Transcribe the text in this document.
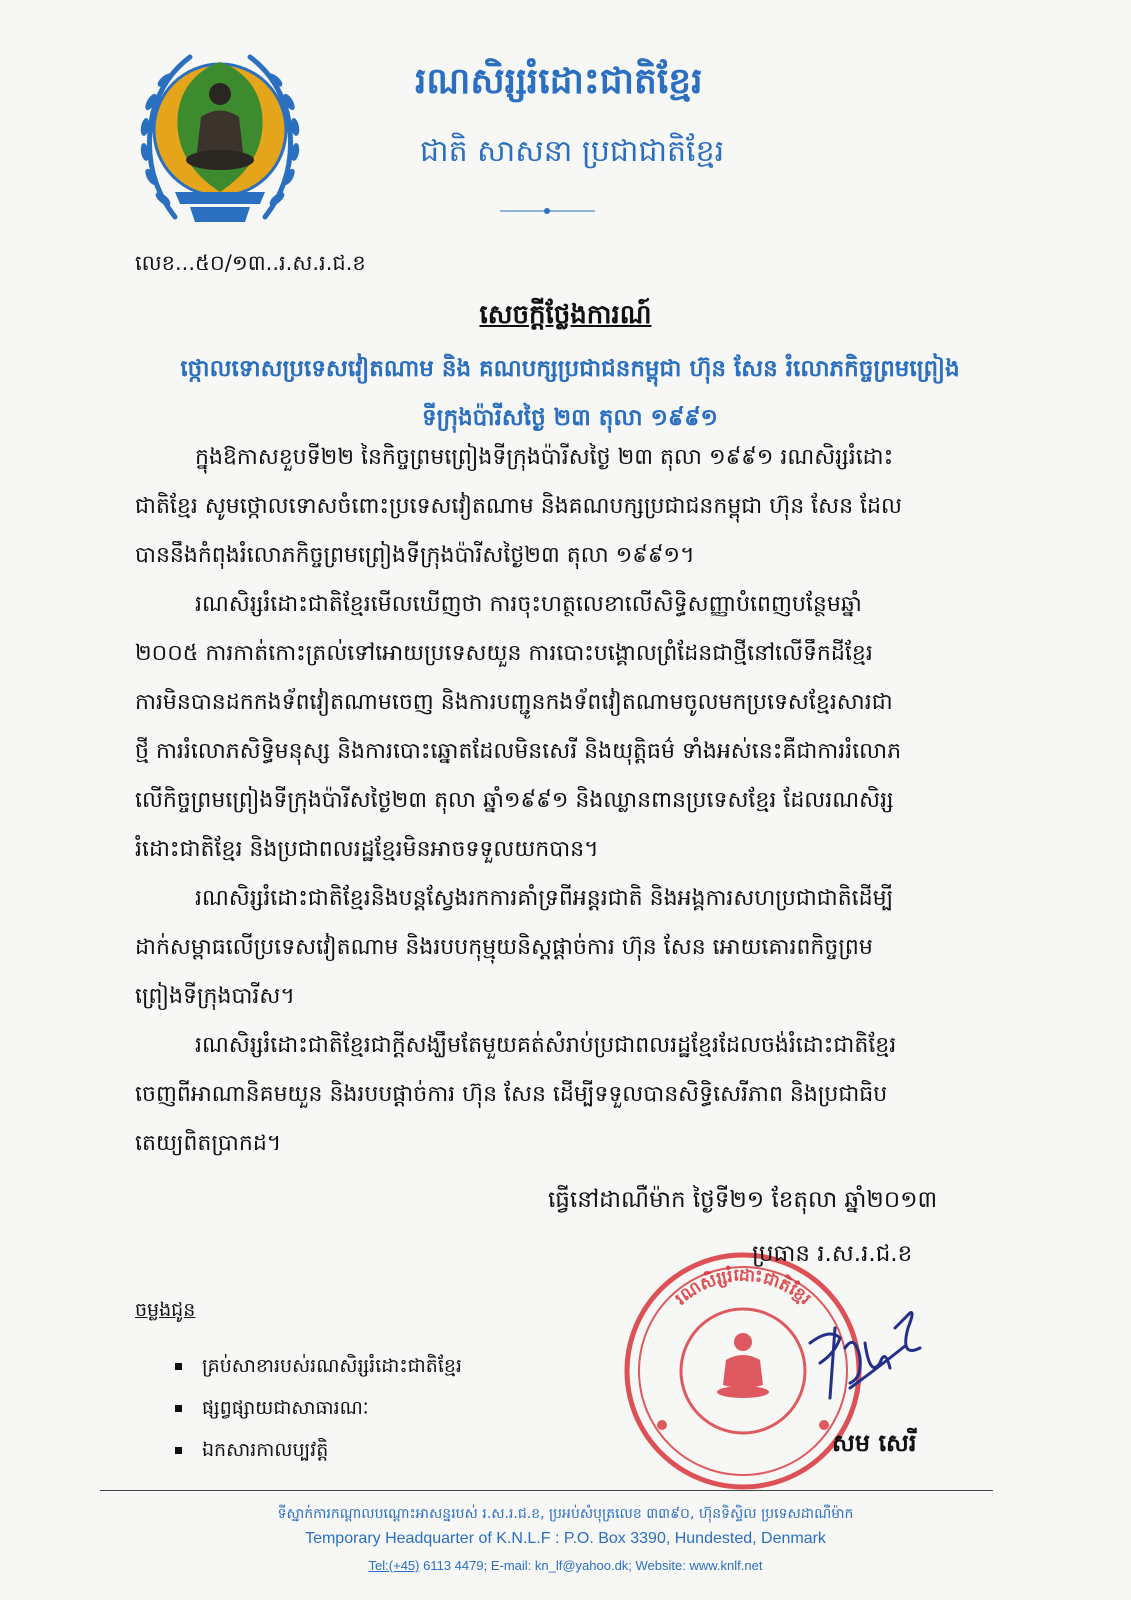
រណសិរ្សរំដោះជាតិខ្មែរ
ជាតិ សាសនា ប្រជាជាតិខ្មែរ
លេខ...៥០/១៣..រ.ស.រ.ជ.ខ
សេចក្តីថ្លែងការណ៍
ថ្កោលទោសប្រទេសវៀតណាម និង គណបក្សប្រជាជនកម្ពុជា ហ៊ុន សែន រំលោភកិច្ចព្រមព្រៀង
ទីក្រុងប៉ារីសថ្ងៃ ២៣ តុលា ១៩៩១
ក្នុងឱកាសខួបទី២២ នៃកិច្ចព្រមព្រៀងទីក្រុងប៉ារីសថ្ងៃ ២៣ តុលា ១៩៩១ រណសិរ្សរំដោះ
ជាតិខ្មែរ សូមថ្កោលទោសចំពោះប្រទេសវៀតណាម និងគណបក្សប្រជាជនកម្ពុជា ហ៊ុន សែន ដែល
បាននឹងកំពុងរំលោភកិច្ចព្រមព្រៀងទីក្រុងប៉ារីសថ្ងៃ២៣ តុលា ១៩៩១។
រណសិរ្សរំដោះជាតិខ្មែរមើលឃើញថា ការចុះហត្ថលេខាលើសិទ្ធិសញ្ញាបំពេញបន្ថែមឆ្នាំ
២០០៥ ការកាត់កោះត្រល់ទៅអោយប្រទេសយួន ការបោះបង្គោលព្រំដែនជាថ្មីនៅលើទឹកដីខ្មែរ
ការមិនបានដកកងទ័ពវៀតណាមចេញ និងការបញ្ជូនកងទ័ពវៀតណាមចូលមកប្រទេសខ្មែរសារជា
ថ្មី ការរំលោភសិទ្ធិមនុស្ស និងការបោះឆ្នោតដែលមិនសេរី និងយុត្តិធម៌ ទាំងអស់នេះគឺជាការរំលោភ
លើកិច្ចព្រមព្រៀងទីក្រុងប៉ារីសថ្ងៃ២៣ តុលា ឆ្នាំ១៩៩១ និងឈ្លានពានប្រទេសខ្មែរ ដែលរណសិរ្ស
រំដោះជាតិខ្មែរ និងប្រជាពលរដ្ឋខ្មែរមិនអាចទទួលយកបាន។
រណសិរ្សរំដោះជាតិខ្មែរនិងបន្តស្វែងរកការគាំទ្រពីអន្តរជាតិ និងអង្គការសហប្រជាជាតិដើម្បី
ដាក់សម្ពាធលើប្រទេសវៀតណាម និងរបបកុម្មុយនិស្តផ្តាច់ការ ហ៊ុន សែន អោយគោរពកិច្ចព្រម
ព្រៀងទីក្រុងបារីស។
រណសិរ្សរំដោះជាតិខ្មែរជាក្តីសង្ឃឹមតែមួយគត់សំរាប់ប្រជាពលរដ្ឋខ្មែរដែលចង់រំដោះជាតិខ្មែរ
ចេញពីអាណានិគមយួន និងរបបផ្តាច់ការ ហ៊ុន សែន ដើម្បីទទួលបានសិទ្ធិសេរីភាព និងប្រជាធិប
តេយ្យពិតប្រាកដ។
ធ្វើនៅដាណឺម៉ាក ថ្ងៃទី២១ ខែតុលា ឆ្នាំ២០១៣
រណសិរ្សរំដោះជាតិខ្មែរ
ប្រធាន រ.ស.រ.ជ.ខ
សម សេរី
ចម្លងជូន
គ្រប់សាខារបស់រណសិរ្សរំដោះជាតិខ្មែរ
ផ្សព្វផ្សាយជាសាធារណៈ
ឯកសារកាលប្បវត្តិ
ទីស្នាក់ការកណ្តាលបណ្តោះអាសន្នរបស់ រ.ស.រ.ជ.ខ, ប្រអប់សំបុត្រលេខ ៣៣៩០, ហ៊ុនទិស្ទិល ប្រទេសដាណឺម៉ាក
Temporary Headquarter of K.N.L.F : P.O. Box 3390, Hundested, Denmark
Tel:(+45) 6113 4479; E-mail: kn_lf@yahoo.dk; Website: www.knlf.net
